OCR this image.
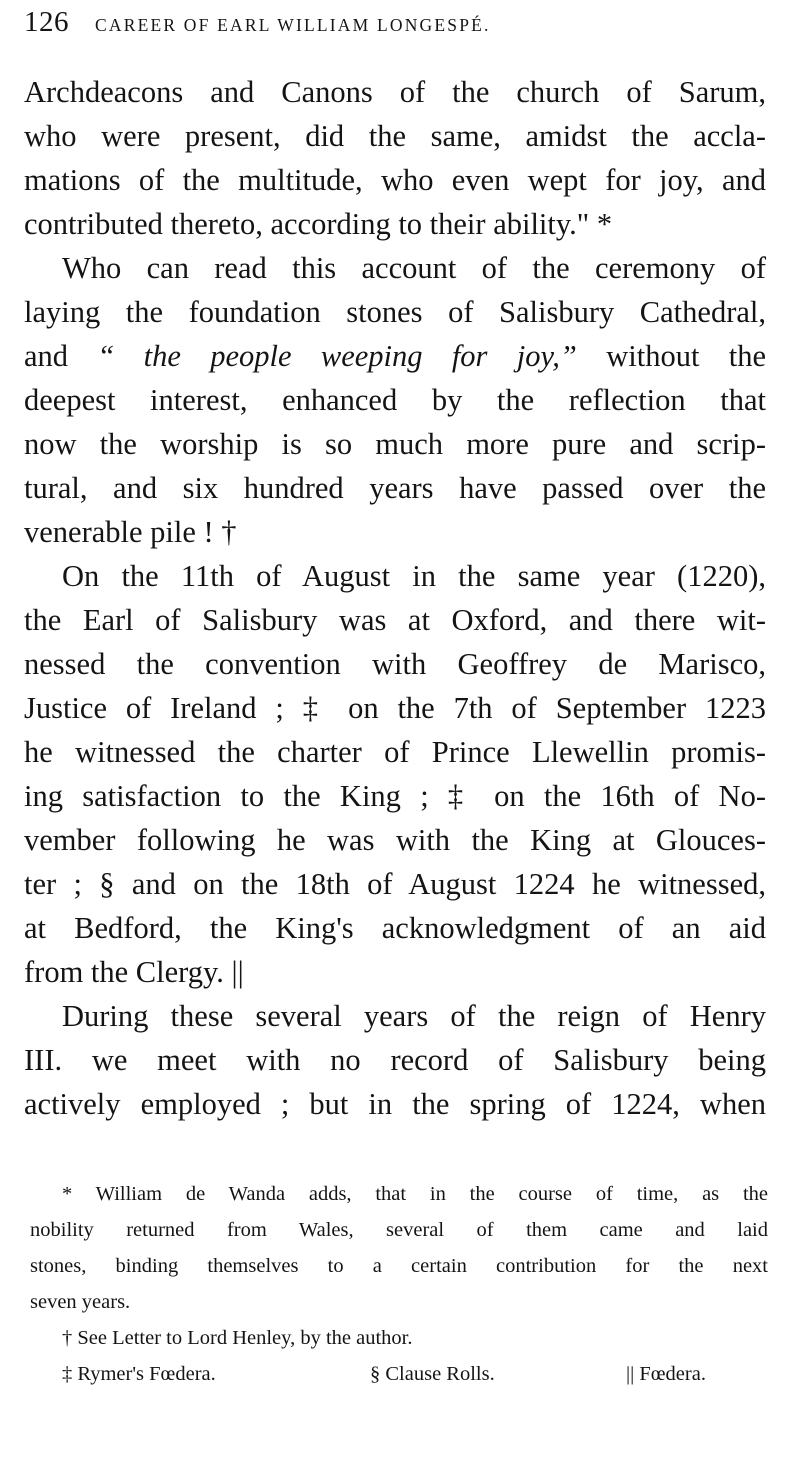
126 CAREER OF EARL WILLIAM LONGESPÉ.
Archdeacons and Canons of the church of Sarum,
who were present, did the same, amidst the accla-
mations of the multitude, who even wept for joy, and
contributed thereto, according to their ability." *
Who can read this account of the ceremony of
laying the foundation stones of Salisbury Cathedral,
and “ the people weeping for joy,” without the
deepest interest, enhanced by the reflection that
now the worship is so much more pure and scrip-
tural, and six hundred years have passed over the
venerable pile ! †
On the 11th of August in the same year (1220),
the Earl of Salisbury was at Oxford, and there wit-
nessed the convention with Geoffrey de Marisco,
Justice of Ireland ; ‡ on the 7th of September 1223
he witnessed the charter of Prince Llewellin promis-
ing satisfaction to the King ; ‡ on the 16th of No-
vember following he was with the King at Glouces-
ter ; § and on the 18th of August 1224 he witnessed,
at Bedford, the King's acknowledgment of an aid
from the Clergy. ||
During these several years of the reign of Henry
III. we meet with no record of Salisbury being
actively employed ; but in the spring of 1224, when
* William de Wanda adds, that in the course of time, as the
nobility returned from Wales, several of them came and laid
stones, binding themselves to a certain contribution for the next
seven years.
† See Letter to Lord Henley, by the author.
‡ Rymer's Fœdera.	§ Clause Rolls.	|| Fœdera.
